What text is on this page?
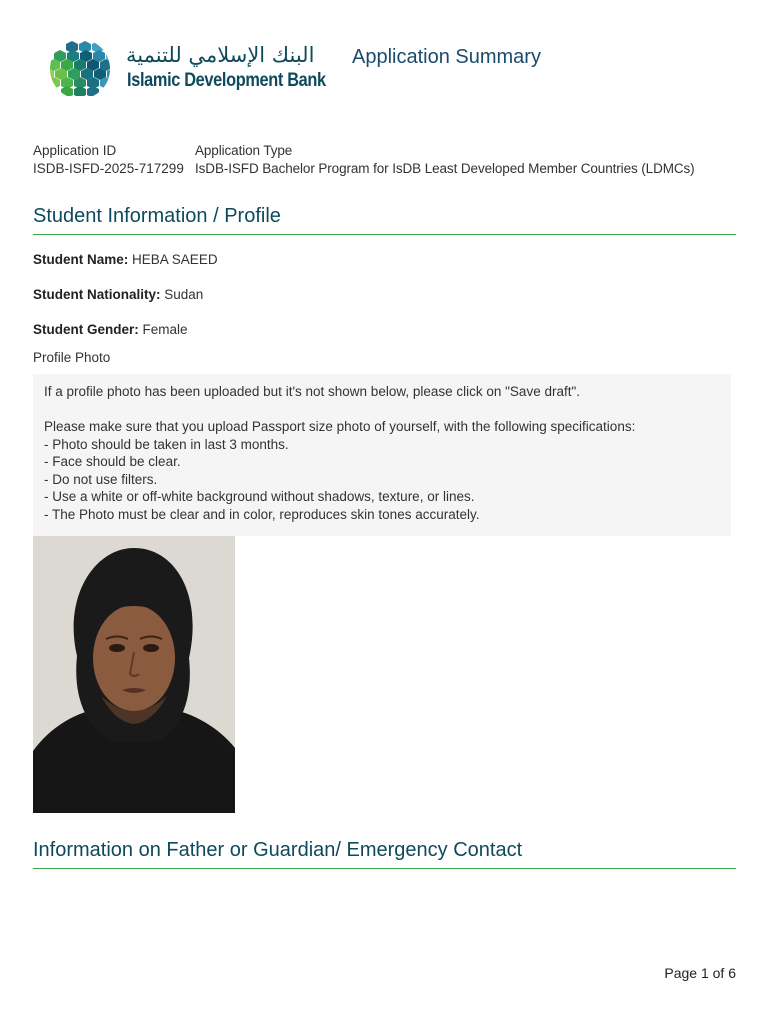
البنك الإسلامي للتنمية
Islamic Development Bank
Application Summary
Application ID
ISDB-ISFD-2025-717299
Application Type
IsDB-ISFD Bachelor Program for IsDB Least Developed Member Countries (LDMCs)
Student Information / Profile
Student Name: HEBA SAEED
Student Nationality: Sudan
Student Gender: Female
Profile Photo

If a profile photo has been uploaded but it's not shown below, please click on "Save draft".

Please make sure that you upload Passport size photo of yourself, with the following specifications:

- Photo should be taken in last 3 months.

- Face should be clear.

- Do not use filters.

- Use a white or off-white background without shadows, texture, or lines.

- The Photo must be clear and in color, reproduces skin tones accurately.

Information on Father or Guardian/ Emergency Contact
Page 1 of 6
